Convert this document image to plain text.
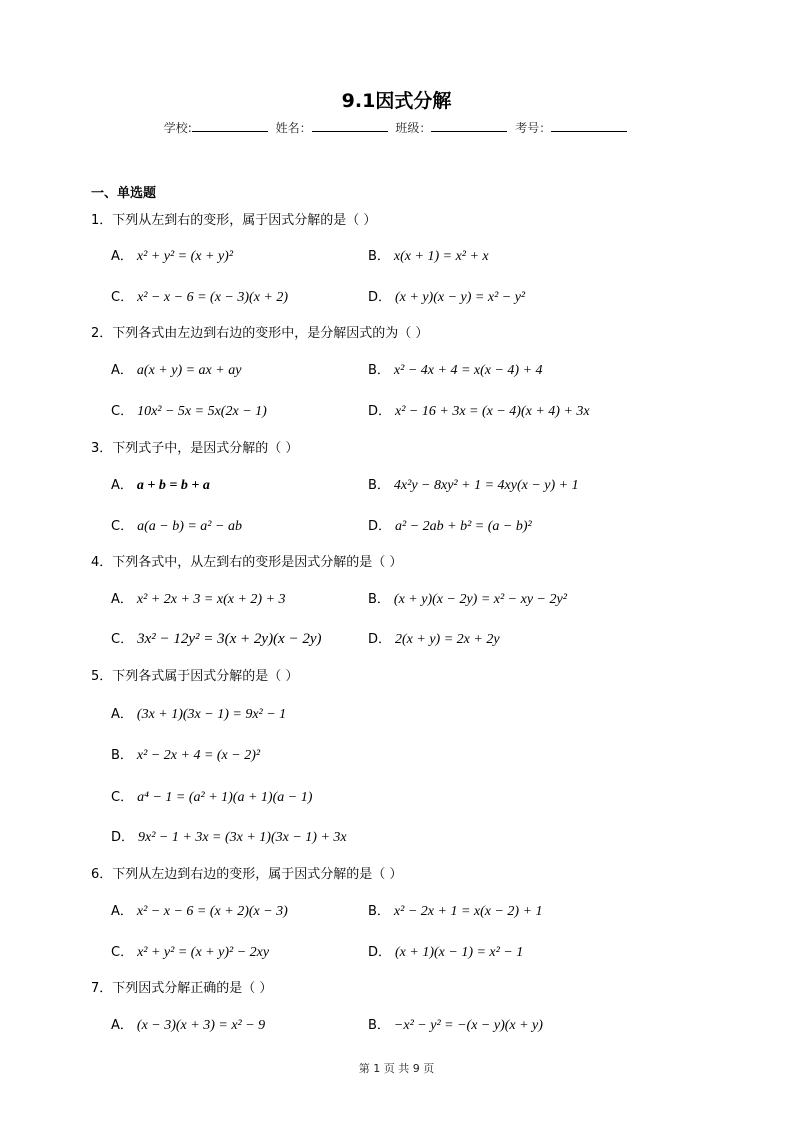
9.1因式分解
学校:	姓名：	班级：	考号：
一、单选题
1．下列从左到右的变形，属于因式分解的是（ ）
A． x² + y² = (x + y)²	B． x(x + 1) = x² + x
C． x² − x − 6 = (x − 3)(x + 2)	D． (x + y)(x − y) = x² − y²
2．下列各式由左边到右边的变形中，是分解因式的为（ ）
A． a(x + y) = ax + ay	B． x² − 4x + 4 = x(x − 4) + 4
C． 10x² − 5x = 5x(2x − 1)	D． x² − 16 + 3x = (x − 4)(x + 4) + 3x
3．下列式子中，是因式分解的（ ）
A． a + b = b + a	B． 4x²y − 8xy² + 1 = 4xy(x − y) + 1
C． a(a − b) = a² − ab	D． a² − 2ab + b² = (a − b)²
4．下列各式中，从左到右的变形是因式分解的是（ ）
A． x² + 2x + 3 = x(x + 2) + 3	B． (x + y)(x − 2y) = x² − xy − 2y²
C． 3x² − 12y² = 3(x + 2y)(x − 2y)	D． 2(x + y) = 2x + 2y
5．下列各式属于因式分解的是（ ）
A． (3x + 1)(3x − 1) = 9x² − 1
B． x² − 2x + 4 = (x − 2)²
C． a⁴ − 1 = (a² + 1)(a + 1)(a − 1)
D． 9x² − 1 + 3x = (3x + 1)(3x − 1) + 3x
6．下列从左边到右边的变形，属于因式分解的是（ ）
A． x² − x − 6 = (x + 2)(x − 3)	B． x² − 2x + 1 = x(x − 2) + 1
C． x² + y² = (x + y)² − 2xy	D． (x + 1)(x − 1) = x² − 1
7．下列因式分解正确的是（ ）
A． (x − 3)(x + 3) = x² − 9	B． −x² − y² = −(x − y)(x + y)
第 1 页 共 9 页
